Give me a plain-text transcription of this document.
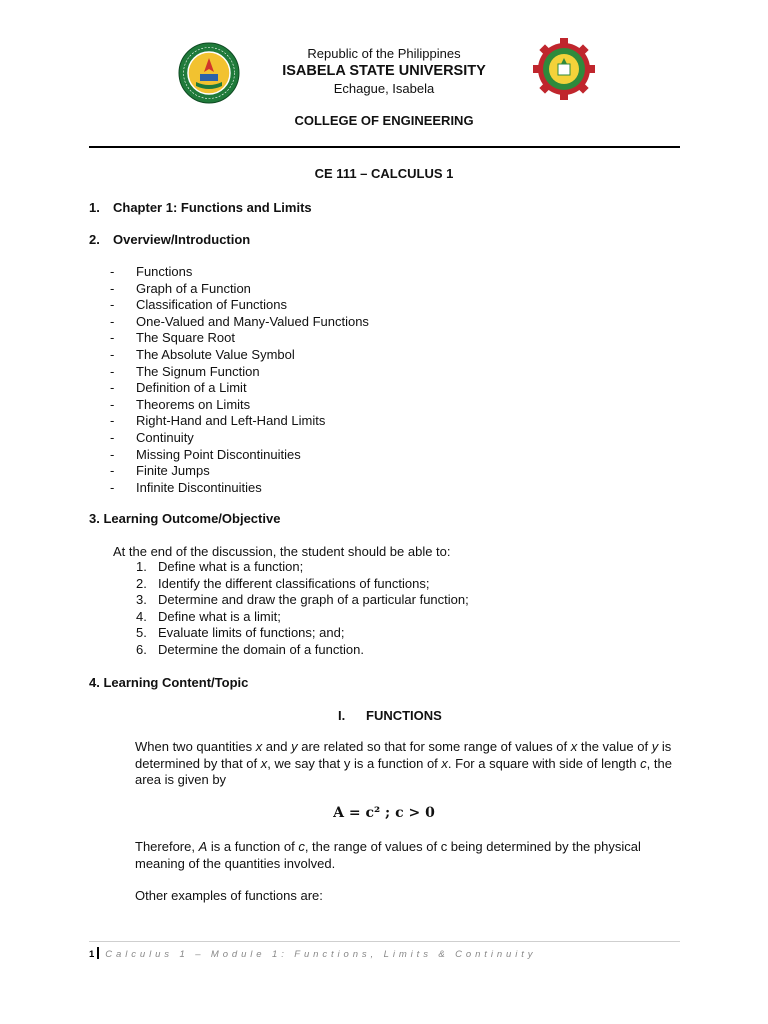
Republic of the Philippines
ISABELA STATE UNIVERSITY
Echague, Isabela
COLLEGE OF ENGINEERING
CE 111 – CALCULUS 1
1. Chapter 1: Functions and Limits
2. Overview/Introduction
- Functions
- Graph of a Function
- Classification of Functions
- One-Valued and Many-Valued Functions
- The Square Root
- The Absolute Value Symbol
- The Signum Function
- Definition of a Limit
- Theorems on Limits
- Right-Hand and Left-Hand Limits
- Continuity
- Missing Point Discontinuities
- Finite Jumps
- Infinite Discontinuities
3. Learning Outcome/Objective
At the end of the discussion, the student should be able to:
1. Define what is a function;
2. Identify the different classifications of functions;
3. Determine and draw the graph of a particular function;
4. Define what is a limit;
5. Evaluate limits of functions; and;
6. Determine the domain of a function.
4. Learning Content/Topic
I. FUNCTIONS
When two quantities x and y are related so that for some range of values of x the value of y is determined by that of x, we say that y is a function of x. For a square with side of length c, the area is given by
A = c² ; c > 0
Therefore, A is a function of c, the range of values of c being determined by the physical meaning of the quantities involved.
Other examples of functions are:
1 Calculus 1 – Module 1: Functions, Limits & Continuity
